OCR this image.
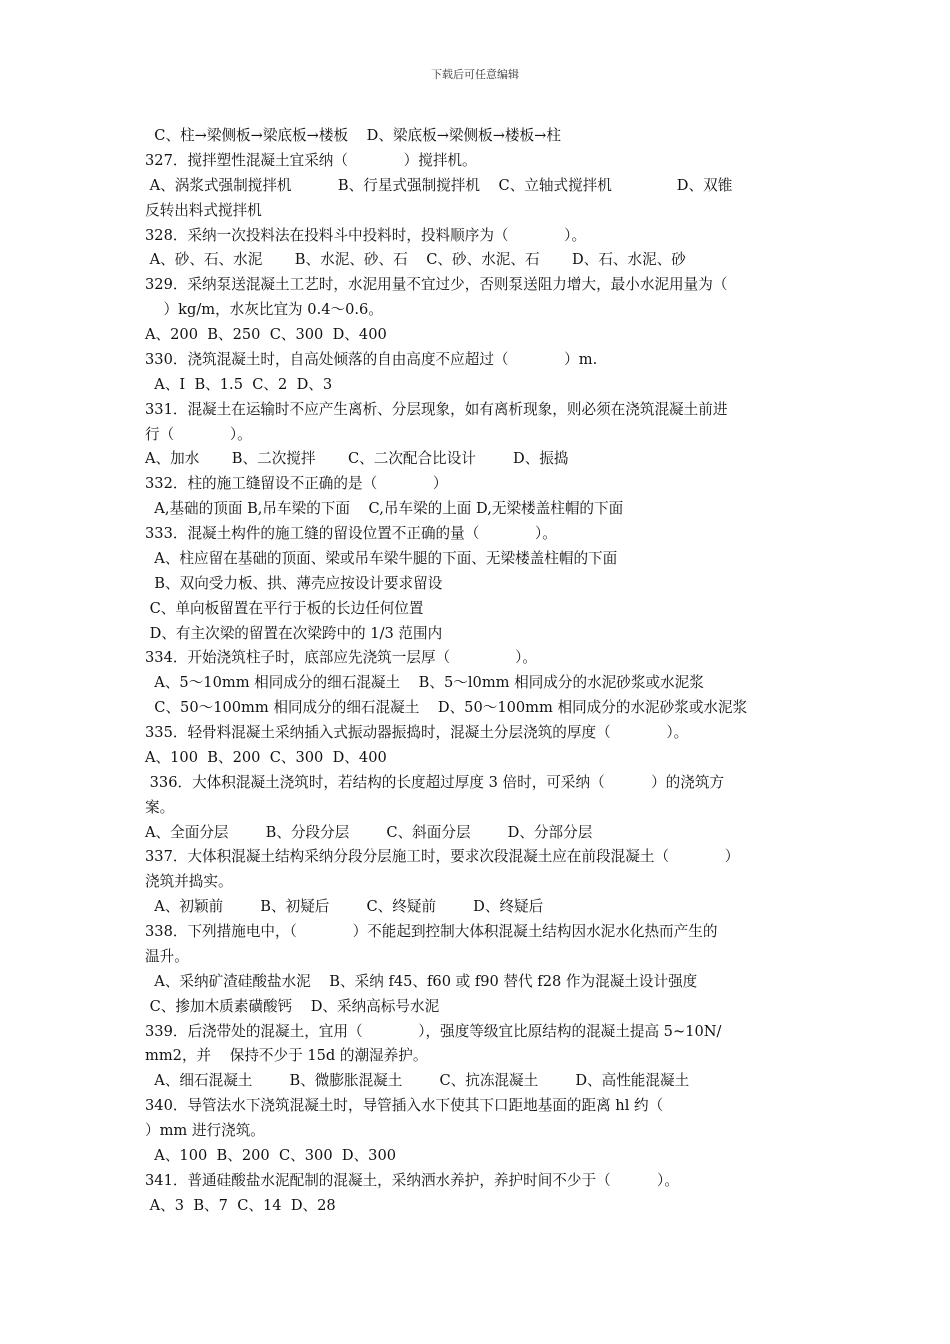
下载后可任意编辑
C、柱→梁侧板→梁底板→楼板    D、梁底板→梁侧板→楼板→柱
327．搅拌塑性混凝土宜采纳（            ）搅拌机。
A、涡浆式强制搅拌机          B、行星式强制搅拌机    C、立轴式搅拌机              D、双锥
反转出料式搅拌机
328．采纳一次投料法在投料斗中投料时，投料顺序为（            ）。
A、砂、石、水泥       B、水泥、砂、石    C、砂、水泥、石       D、石、水泥、砂
329．采纳泵送混凝土工艺时，水泥用量不宜过少，否则泵送阻力增大，最小水泥用量为（
）kg/m，水灰比宜为 0.4～0.6。
A、200  B、250  C、300  D、400
330．浇筑混凝土时，自高处倾落的自由高度不应超过（            ）m.
A、I  B、1.5  C、2  D、3
331．混凝土在运输时不应产生离析、分层现象，如有离析现象，则必须在浇筑混凝土前进
行（            ）。
A、加水       B、二次搅拌       C、二次配合比设计        D、振捣
332．柱的施工缝留设不正确的是（            ）
A,基础的顶面 B,吊车梁的下面    C,吊车梁的上面 D,无梁楼盖柱帽的下面
333．混凝土构件的施工缝的留设位置不正确的量（            ）。
A、柱应留在基础的顶面、梁或吊车梁牛腿的下面、无梁楼盖柱帽的下面
B、双向受力板、拱、薄壳应按设计要求留设
C、单向板留置在平行于板的长边任何位置
D、有主次梁的留置在次梁跨中的 1/3 范围内
334．开始浇筑柱子时，底部应先浇筑一层厚（              ）。
A、5～10mm 相同成分的细石混凝土    B、5～l0mm 相同成分的水泥砂浆或水泥浆
C、50～100mm 相同成分的细石混凝土    D、50～100mm 相同成分的水泥砂浆或水泥浆
335．轻骨料混凝土采纳插入式振动器振捣时，混凝土分层浇筑的厚度（            ）。
A、100  B、200  C、300  D、400
336．大体积混凝土浇筑时，若结构的长度超过厚度 3 倍时，可采纳（          ）的浇筑方
案。
A、全面分层        B、分段分层        C、斜面分层        D、分部分层
337．大体积混凝土结构采纳分段分层施工时，要求次段混凝土应在前段混凝土（            ）
浇筑并捣实。
A、初颖前        B、初疑后        C、终疑前        D、终疑后
338．下列措施电中，（            ）不能起到控制大体积混凝土结构因水泥水化热而产生的
温升。
A、采纳矿渣硅酸盐水泥    B、采纳 f45、f60 或 f90 替代 f28 作为混凝土设计强度
C、掺加木质素磺酸钙    D、采纳高标号水泥
339．后浇带处的混凝土，宜用（            ），强度等级宜比原结构的混凝土提高 5~10N/
mm2，并    保持不少于 15d 的潮湿养护。
A、细石混凝土        B、微膨胀混凝土        C、抗冻混凝土        D、高性能混凝土
340．导管法水下浇筑混凝土时，导管插入水下使其下口距地基面的距离 hl 约（
）mm 进行浇筑。
A、100  B、200  C、300  D、300
341．普通硅酸盐水泥配制的混凝土，采纳洒水养护，养护时间不少于（          ）。
A、3  B、7  C、14  D、28
